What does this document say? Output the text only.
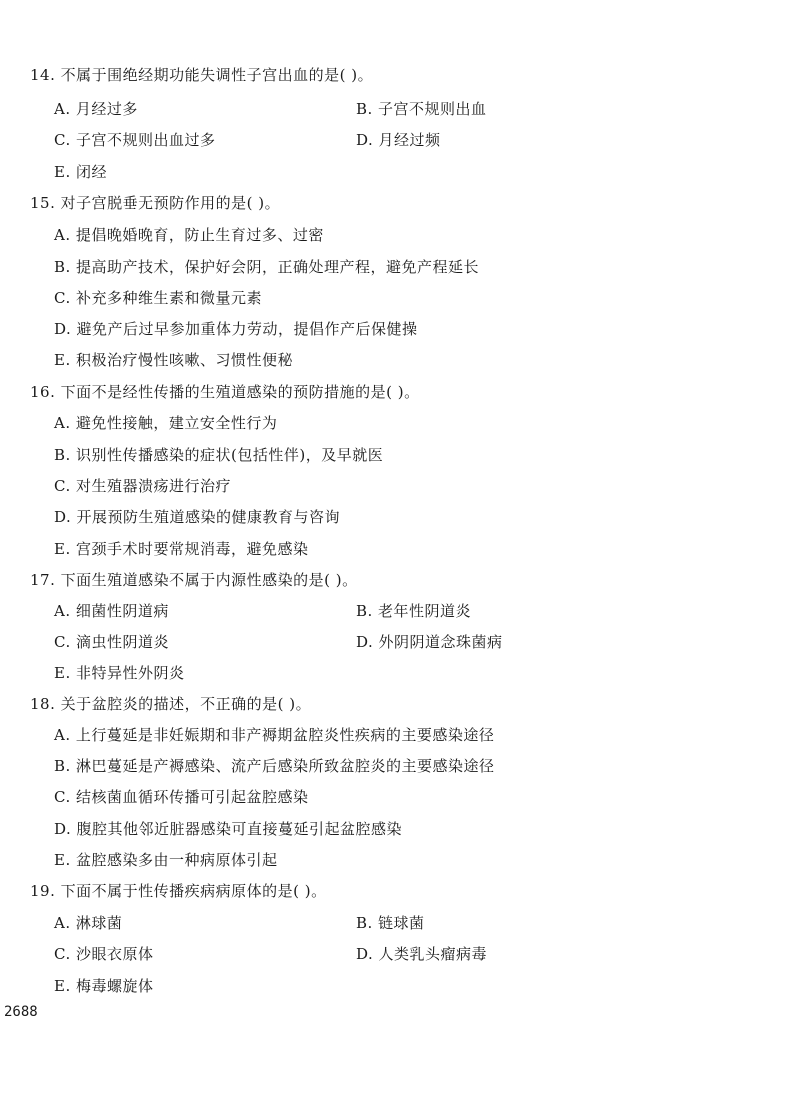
14. 不属于围绝经期功能失调性子宫出血的是( )。
A. 月经过多	B. 子宫不规则出血
C. 子宫不规则出血过多	D. 月经过频
E. 闭经
15. 对子宫脱垂无预防作用的是( )。
A. 提倡晚婚晚育，防止生育过多、过密
B. 提高助产技术，保护好会阴，正确处理产程，避免产程延长
C. 补充多种维生素和微量元素
D. 避免产后过早参加重体力劳动，提倡作产后保健操
E. 积极治疗慢性咳嗽、习惯性便秘
16. 下面不是经性传播的生殖道感染的预防措施的是( )。
A. 避免性接触，建立安全性行为
B. 识别性传播感染的症状(包括性伴)，及早就医
C. 对生殖器溃疡进行治疗
D. 开展预防生殖道感染的健康教育与咨询
E. 宫颈手术时要常规消毒，避免感染
17. 下面生殖道感染不属于内源性感染的是( )。
A. 细菌性阴道病	B. 老年性阴道炎
C. 滴虫性阴道炎	D. 外阴阴道念珠菌病
E. 非特异性外阴炎
18. 关于盆腔炎的描述，不正确的是( )。
A. 上行蔓延是非妊娠期和非产褥期盆腔炎性疾病的主要感染途径
B. 淋巴蔓延是产褥感染、流产后感染所致盆腔炎的主要感染途径
C. 结核菌血循环传播可引起盆腔感染
D. 腹腔其他邻近脏器感染可直接蔓延引起盆腔感染
E. 盆腔感染多由一种病原体引起
19. 下面不属于性传播疾病病原体的是( )。
A. 淋球菌	B. 链球菌
C. 沙眼衣原体	D. 人类乳头瘤病毒
E. 梅毒螺旋体
2688
